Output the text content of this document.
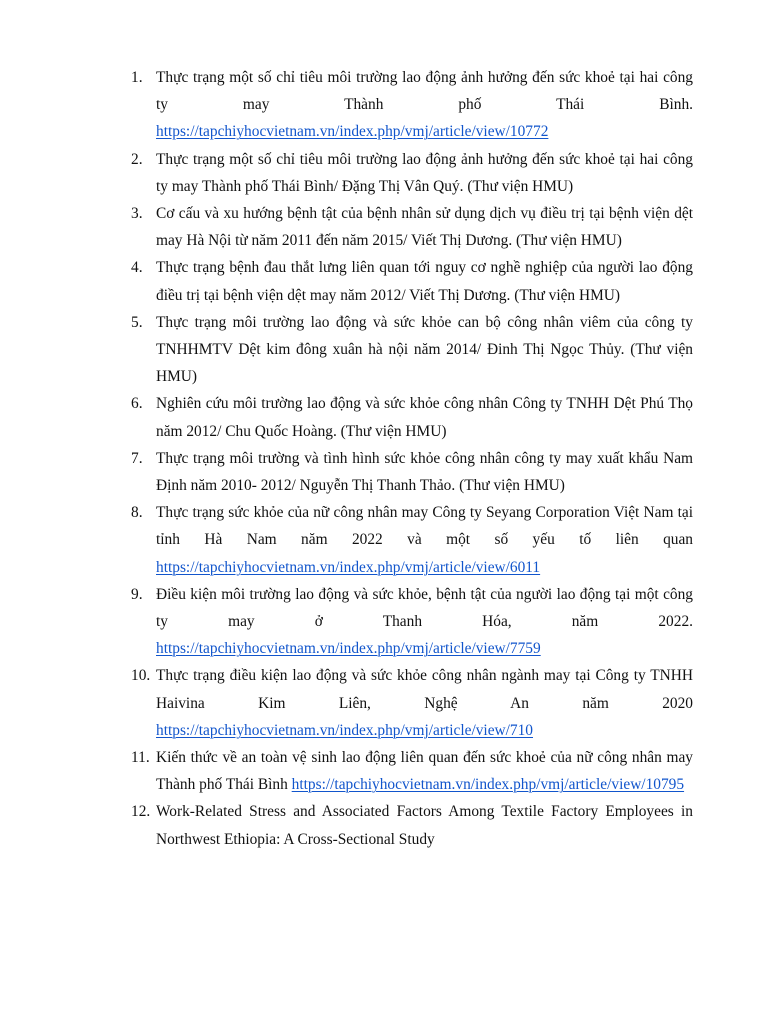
1. Thực trạng một số chỉ tiêu môi trường lao động ảnh hưởng đến sức khoẻ tại hai công ty may Thành phố Thái Bình. https://tapchiyhocvietnam.vn/index.php/vmj/article/view/10772
2. Thực trạng một số chỉ tiêu môi trường lao động ảnh hưởng đến sức khoẻ tại hai công ty may Thành phố Thái Bình/ Đặng Thị Vân Quý. (Thư viện HMU)
3. Cơ cấu và xu hướng bệnh tật của bệnh nhân sử dụng dịch vụ điều trị tại bệnh viện dệt may Hà Nội từ năm 2011 đến năm 2015/ Viết Thị Dương. (Thư viện HMU)
4. Thực trạng bệnh đau thắt lưng liên quan tới nguy cơ nghề nghiệp của người lao động điều trị tại bệnh viện dệt may năm 2012/ Viết Thị Dương. (Thư viện HMU)
5. Thực trạng môi trường lao động và sức khỏe can bộ công nhân viêm của công ty TNHHMTV Dệt kim đông xuân hà nội năm 2014/ Đinh Thị Ngọc Thủy. (Thư viện HMU)
6. Nghiên cứu môi trường lao động và sức khỏe công nhân Công ty TNHH Dệt Phú Thọ năm 2012/ Chu Quốc Hoàng. (Thư viện HMU)
7. Thực trạng môi trường và tình hình sức khỏe công nhân công ty may xuất khẩu Nam Định năm 2010- 2012/ Nguyễn Thị Thanh Thảo. (Thư viện HMU)
8. Thực trạng sức khỏe của nữ công nhân may Công ty Seyang Corporation Việt Nam tại tỉnh Hà Nam năm 2022 và một số yếu tố liên quan https://tapchiyhocvietnam.vn/index.php/vmj/article/view/6011
9. Điều kiện môi trường lao động và sức khỏe, bệnh tật của người lao động tại một công ty may ở Thanh Hóa, năm 2022. https://tapchiyhocvietnam.vn/index.php/vmj/article/view/7759
10. Thực trạng điều kiện lao động và sức khỏe công nhân ngành may tại Công ty TNHH Haivina Kim Liên, Nghệ An năm 2020 https://tapchiyhocvietnam.vn/index.php/vmj/article/view/710
11. Kiến thức về an toàn vệ sinh lao động liên quan đến sức khoẻ của nữ công nhân may Thành phố Thái Bình https://tapchiyhocvietnam.vn/index.php/vmj/article/view/10795
12. Work-Related Stress and Associated Factors Among Textile Factory Employees in Northwest Ethiopia: A Cross-Sectional Study
